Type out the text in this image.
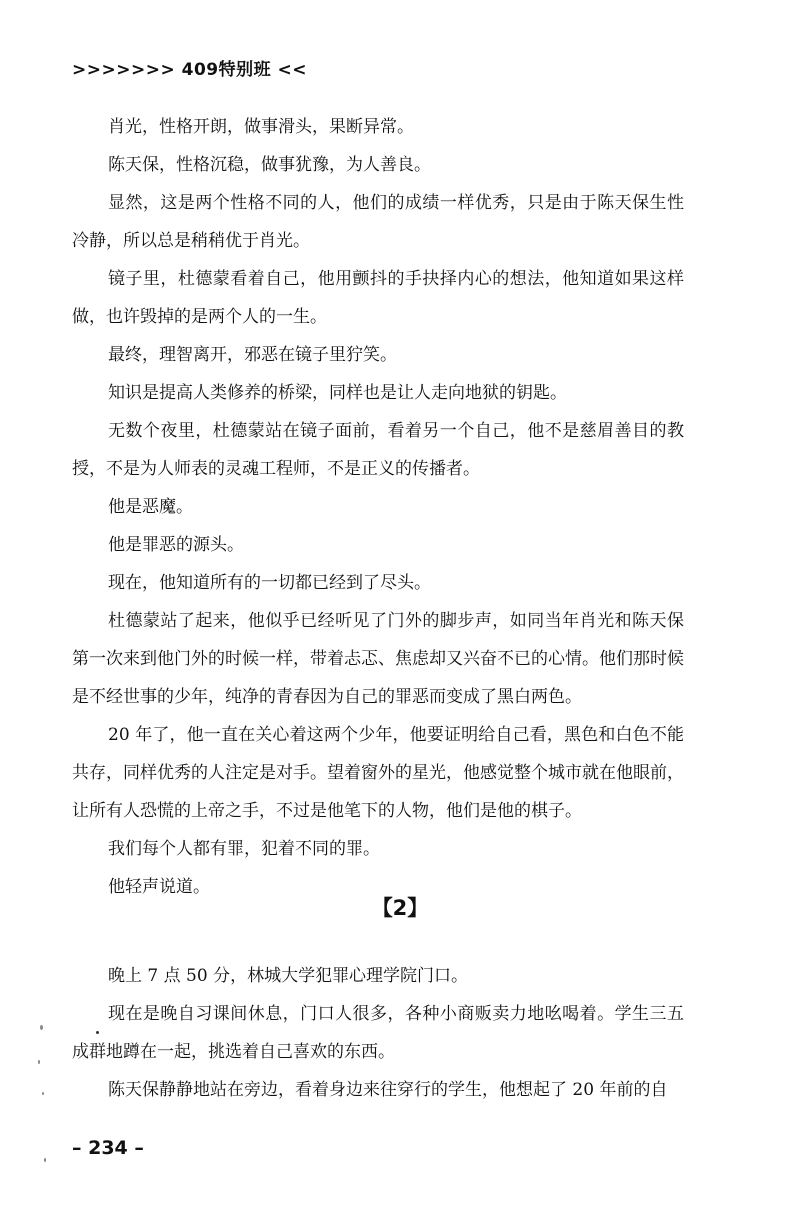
>>>>>>> 409特别班 <<

肖光，性格开朗，做事滑头，果断异常。

陈天保，性格沉稳，做事犹豫，为人善良。

显然，这是两个性格不同的人，他们的成绩一样优秀，只是由于陈天保生性冷静，所以总是稍稍优于肖光。

镜子里，杜德蒙看着自己，他用颤抖的手抉择内心的想法，他知道如果这样做，也许毁掉的是两个人的一生。

最终，理智离开，邪恶在镜子里狞笑。

知识是提高人类修养的桥梁，同样也是让人走向地狱的钥匙。

无数个夜里，杜德蒙站在镜子面前，看着另一个自己，他不是慈眉善目的教授，不是为人师表的灵魂工程师，不是正义的传播者。

他是恶魔。

他是罪恶的源头。

现在，他知道所有的一切都已经到了尽头。

杜德蒙站了起来，他似乎已经听见了门外的脚步声，如同当年肖光和陈天保第一次来到他门外的时候一样，带着忐忑、焦虑却又兴奋不已的心情。他们那时候是不经世事的少年，纯净的青春因为自己的罪恶而变成了黑白两色。

20 年了，他一直在关心着这两个少年，他要证明给自己看，黑色和白色不能共存，同样优秀的人注定是对手。望着窗外的星光，他感觉整个城市就在他眼前，让所有人恐慌的上帝之手，不过是他笔下的人物，他们是他的棋子。

我们每个人都有罪，犯着不同的罪。

他轻声说道。

【2】

晚上 7 点 50 分，林城大学犯罪心理学院门口。

现在是晚自习课间休息，门口人很多，各种小商贩卖力地吆喝着。学生三五成群地蹲在一起，挑选着自己喜欢的东西。

陈天保静静地站在旁边，看着身边来往穿行的学生，他想起了 20 年前的自

– 234 –
